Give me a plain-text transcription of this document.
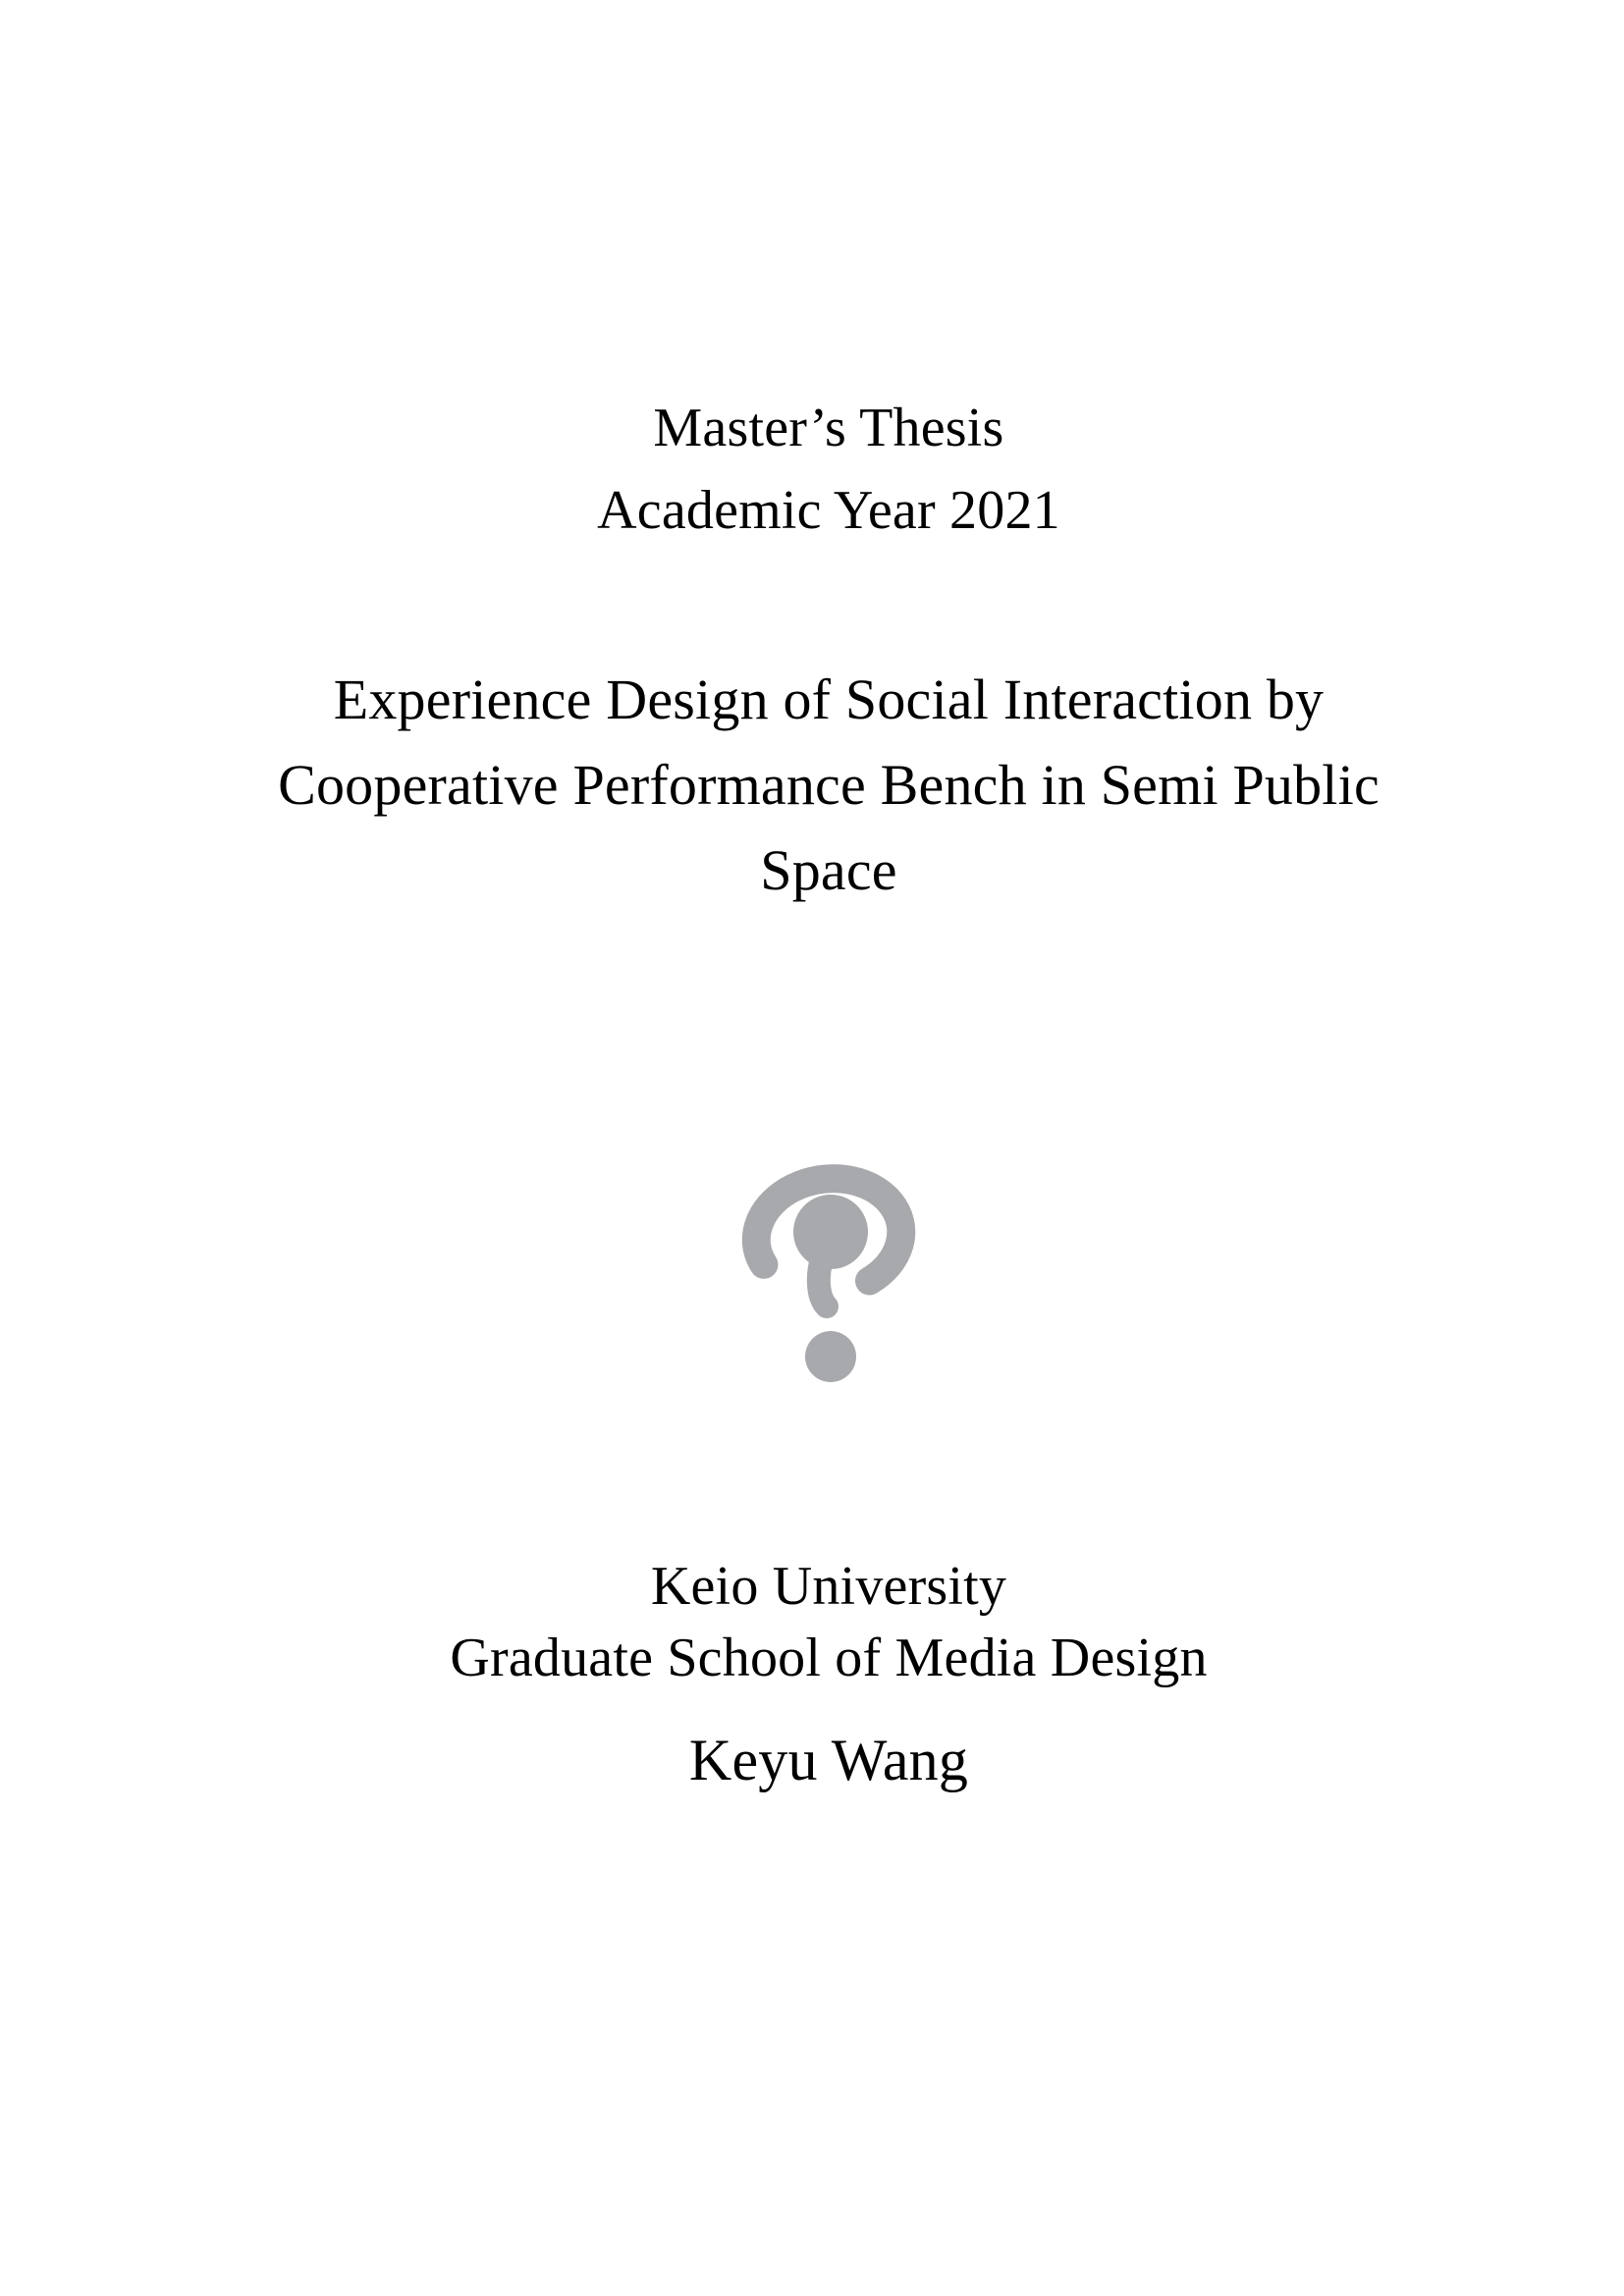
Master’s Thesis
Academic Year 2021
Experience Design of Social Interaction by
Cooperative Performance Bench in Semi Public
Space
Keio University
Graduate School of Media Design
Keyu Wang
